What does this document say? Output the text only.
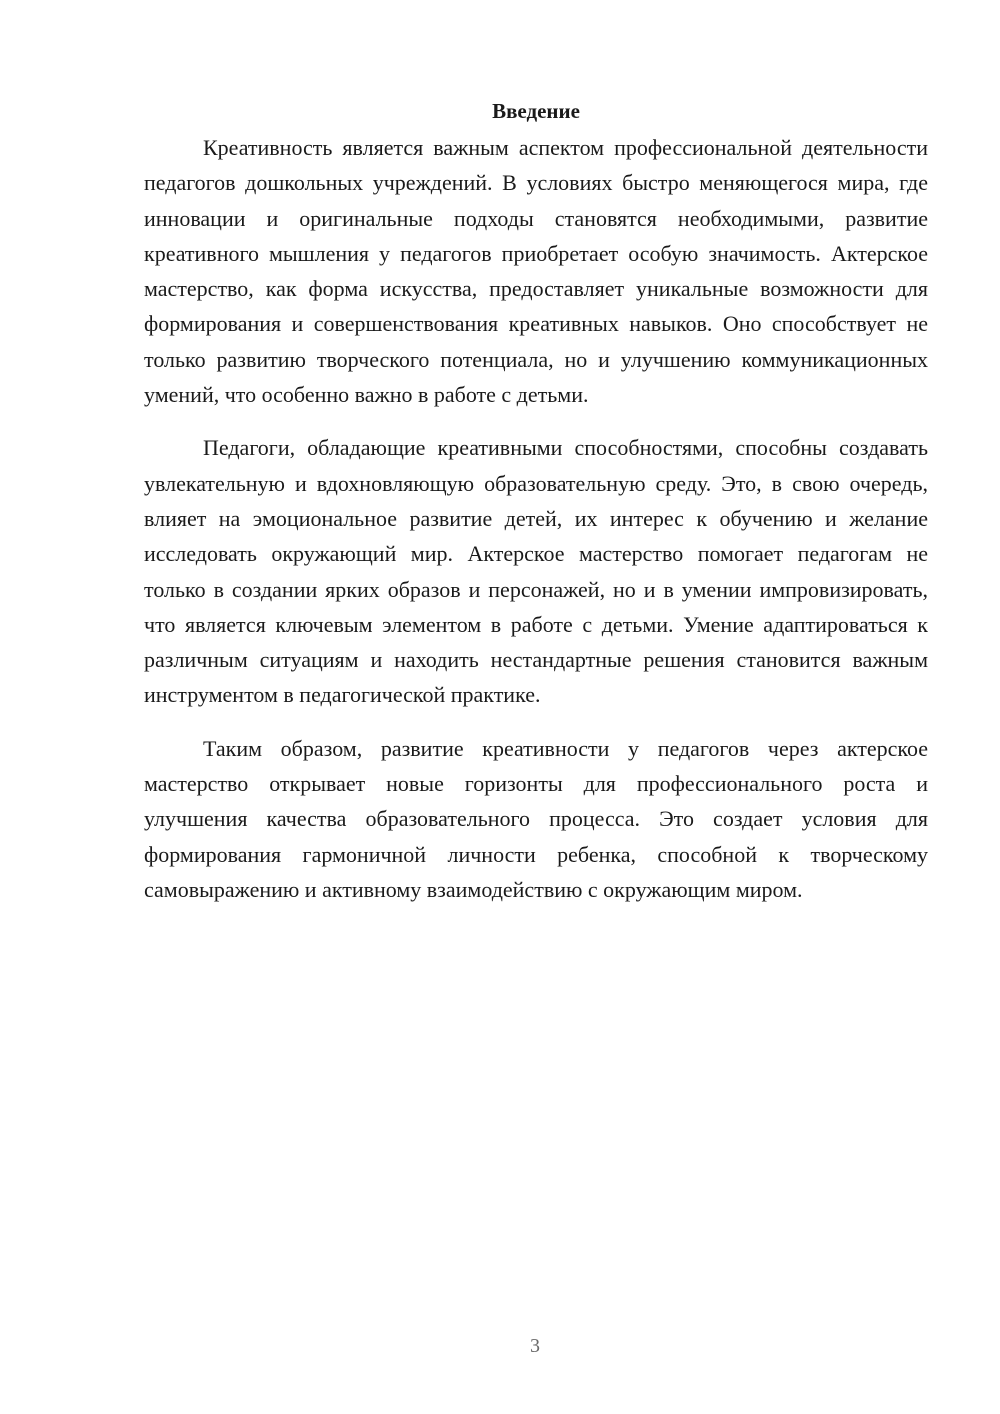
Введение

Креативность является важным аспектом профессиональной деятельности педагогов дошкольных учреждений. В условиях быстро меняющегося мира, где инновации и оригинальные подходы становятся необходимыми, развитие креативного мышления у педагогов приобретает особую значимость. Актерское мастерство, как форма искусства, предоставляет уникальные возможности для формирования и совершенствования креативных навыков. Оно способствует не только развитию творческого потенциала, но и улучшению коммуникационных умений, что особенно важно в работе с детьми.

Педагоги, обладающие креативными способностями, способны создавать увлекательную и вдохновляющую образовательную среду. Это, в свою очередь, влияет на эмоциональное развитие детей, их интерес к обучению и желание исследовать окружающий мир. Актерское мастерство помогает педагогам не только в создании ярких образов и персонажей, но и в умении импровизировать, что является ключевым элементом в работе с детьми. Умение адаптироваться к различным ситуациям и находить нестандартные решения становится важным инструментом в педагогической практике.

Таким образом, развитие креативности у педагогов через актерское мастерство открывает новые горизонты для профессионального роста и улучшения качества образовательного процесса. Это создает условия для формирования гармоничной личности ребенка, способной к творческому самовыражению и активному взаимодействию с окружающим миром.

3
